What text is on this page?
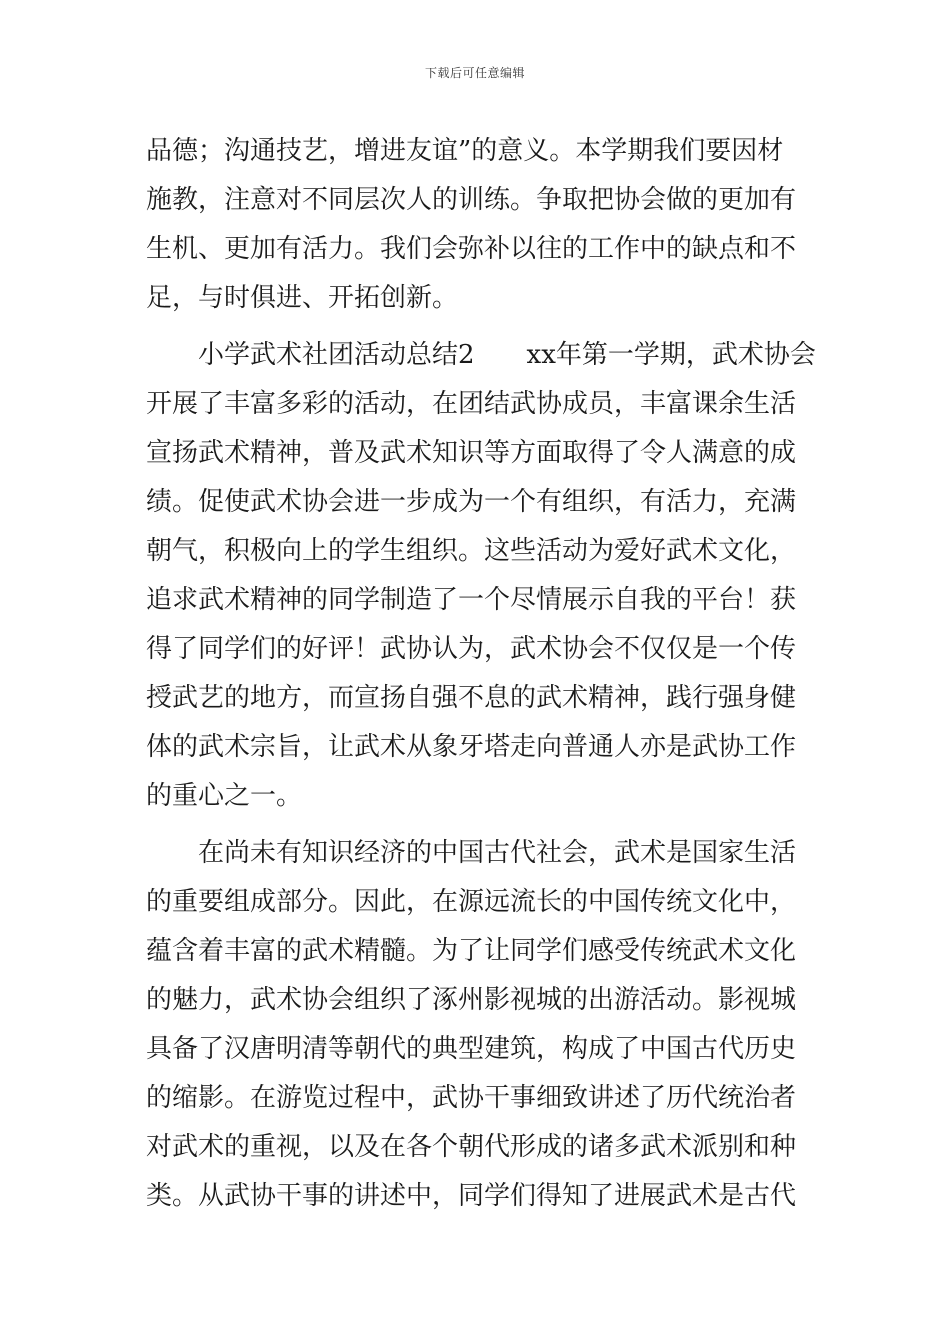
下载后可任意编辑
品德；沟通技艺，增进友谊”的意义。本学期我们要因材
施教，注意对不同层次人的训练。争取把协会做的更加有
生机、更加有活力。我们会弥补以往的工作中的缺点和不
足，与时俱进、开拓创新。
小学武术社团活动总结2　　xx年第一学期，武术协会
开展了丰富多彩的活动，在团结武协成员，丰富课余生活
宣扬武术精神，普及武术知识等方面取得了令人满意的成
绩。促使武术协会进一步成为一个有组织，有活力，充满
朝气，积极向上的学生组织。这些活动为爱好武术文化，
追求武术精神的同学制造了一个尽情展示自我的平台！获
得了同学们的好评！武协认为，武术协会不仅仅是一个传
授武艺的地方，而宣扬自强不息的武术精神，践行强身健
体的武术宗旨，让武术从象牙塔走向普通人亦是武协工作
的重心之一。
在尚未有知识经济的中国古代社会，武术是国家生活
的重要组成部分。因此，在源远流长的中国传统文化中，
蕴含着丰富的武术精髓。为了让同学们感受传统武术文化
的魅力，武术协会组织了涿州影视城的出游活动。影视城
具备了汉唐明清等朝代的典型建筑，构成了中国古代历史
的缩影。在游览过程中，武协干事细致讲述了历代统治者
对武术的重视，以及在各个朝代形成的诸多武术派别和种
类。从武协干事的讲述中，同学们得知了进展武术是古代
